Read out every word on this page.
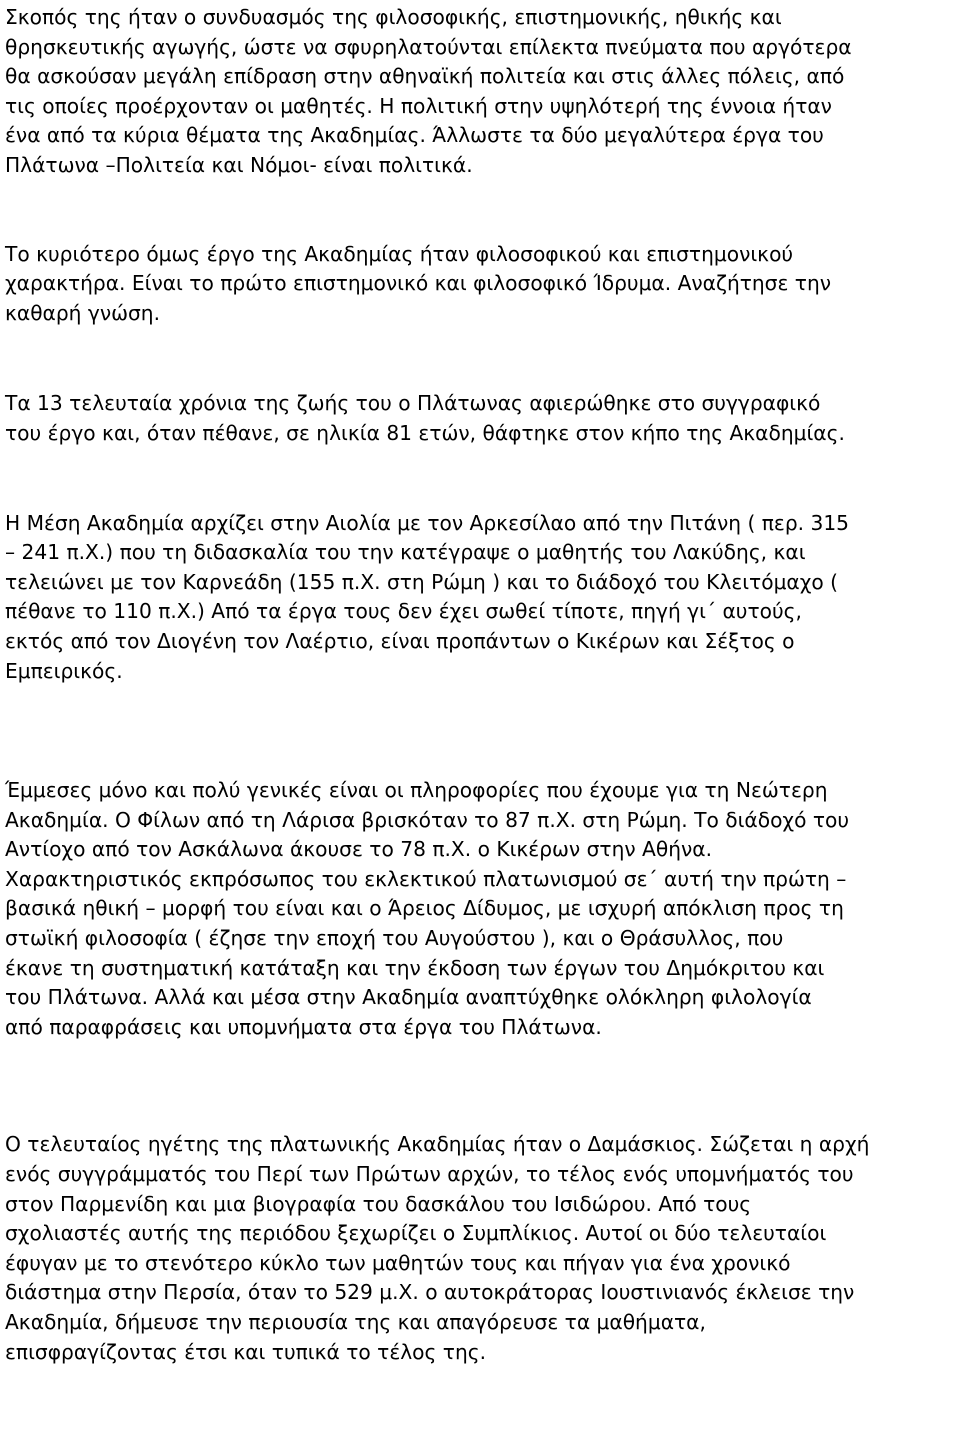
Σκοπός της ήταν ο συνδυασμός της φιλοσοφικής, επιστημονικής, ηθικής και
θρησκευτικής αγωγής, ώστε να σφυρηλατούνται επίλεκτα πνεύματα που αργότερα
θα ασκούσαν μεγάλη επίδραση στην αθηναϊκή πολιτεία και στις άλλες πόλεις, από
τις οποίες προέρχονταν οι μαθητές. Η πολιτική στην υψηλότερή της έννοια ήταν
ένα από τα κύρια θέματα της Ακαδημίας. Άλλωστε τα δύο μεγαλύτερα έργα του
Πλάτωνα –Πολιτεία και Νόμοι- είναι πολιτικά.

Το κυριότερο όμως έργο της Ακαδημίας ήταν φιλοσοφικού και επιστημονικού
χαρακτήρα. Είναι το πρώτο επιστημονικό και φιλοσοφικό Ίδρυμα. Αναζήτησε την
καθαρή γνώση.

Τα 13 τελευταία χρόνια της ζωής του ο Πλάτωνας αφιερώθηκε στο συγγραφικό
του έργο και, όταν πέθανε, σε ηλικία 81 ετών, θάφτηκε στον κήπο της Ακαδημίας.

Η Μέση Ακαδημία αρχίζει στην Αιολία με τον Αρκεσίλαο από την Πιτάνη ( περ. 315
– 241 π.Χ.) που τη διδασκαλία του την κατέγραψε ο μαθητής του Λακύδης, και
τελειώνει με τον Καρνεάδη (155 π.Χ. στη Ρώμη ) και το διάδοχό του Κλειτόμαχο (
πέθανε το 110 π.Χ.) Από τα έργα τους δεν έχει σωθεί τίποτε, πηγή γι΄ αυτούς,
εκτός από τον Διογένη τον Λαέρτιο, είναι προπάντων ο Κικέρων και Σέξτος ο
Εμπειρικός.

Έμμεσες μόνο και πολύ γενικές είναι οι πληροφορίες που έχουμε για τη Νεώτερη
Ακαδημία. Ο Φίλων από τη Λάρισα βρισκόταν το 87 π.Χ. στη Ρώμη. Το διάδοχό του
Αντίοχο από τον Ασκάλωνα άκουσε το 78 π.Χ. ο Κικέρων στην Αθήνα.
Χαρακτηριστικός εκπρόσωπος του εκλεκτικού πλατωνισμού σε΄ αυτή την πρώτη –
βασικά ηθική – μορφή του είναι και ο Άρειος Δίδυμος, με ισχυρή απόκλιση προς τη
στωϊκή φιλοσοφία ( έζησε την εποχή του Αυγούστου ), και ο Θράσυλλος, που
έκανε τη συστηματική κατάταξη και την έκδοση των έργων του Δημόκριτου και
του Πλάτωνα. Αλλά και μέσα στην Ακαδημία αναπτύχθηκε ολόκληρη φιλολογία
από παραφράσεις και υπομνήματα στα έργα του Πλάτωνα.

Ο τελευταίος ηγέτης της πλατωνικής Ακαδημίας ήταν ο Δαμάσκιος. Σώζεται η αρχή
ενός συγγράμματός του Περί των Πρώτων αρχών, το τέλος ενός υπομνήματός του
στον Παρμενίδη και μια βιογραφία του δασκάλου του Ισιδώρου. Από τους
σχολιαστές αυτής της περιόδου ξεχωρίζει ο Συμπλίκιος. Αυτοί οι δύο τελευταίοι
έφυγαν με το στενότερο κύκλο των μαθητών τους και πήγαν για ένα χρονικό
διάστημα στην Περσία, όταν το 529 μ.Χ. ο αυτοκράτορας Ιουστινιανός έκλεισε την
Ακαδημία, δήμευσε την περιουσία της και απαγόρευσε τα μαθήματα,
επισφραγίζοντας έτσι και τυπικά το τέλος της.
